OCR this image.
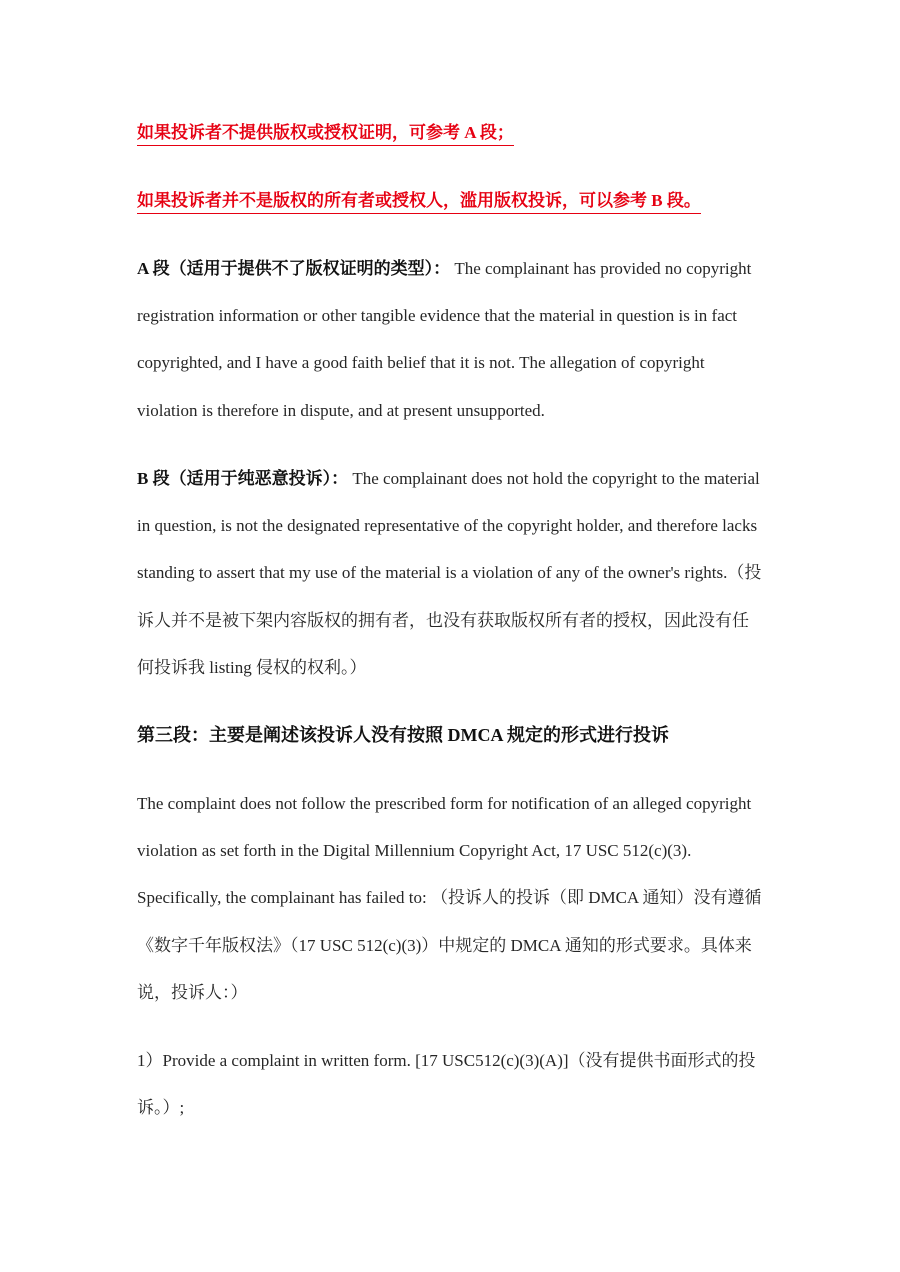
如果投诉者不提供版权或授权证明，可参考 A 段；

如果投诉者并不是版权的所有者或授权人，滥用版权投诉，可以参考 B 段。

A 段（适用于提供不了版权证明的类型）： The complainant has provided no copyright registration information or other tangible evidence that the material in question is in fact copyrighted, and I have a good faith belief that it is not. The allegation of copyright violation is therefore in dispute, and at present unsupported.

B 段（适用于纯恶意投诉）： The complainant does not hold the copyright to the material in question, is not the designated representative of the copyright holder, and therefore lacks standing to assert that my use of the material is a violation of any of the owner's rights.（投诉人并不是被下架内容版权的拥有者，也没有获取版权所有者的授权，因此没有任何投诉我 listing 侵权的权利。）

第三段：主要是阐述该投诉人没有按照 DMCA 规定的形式进行投诉

The complaint does not follow the prescribed form for notification of an alleged copyright violation as set forth in the Digital Millennium Copyright Act, 17 USC 512(c)(3). Specifically, the complainant has failed to: （投诉人的投诉（即 DMCA 通知）没有遵循《数字千年版权法》（17 USC 512(c)(3)）中规定的 DMCA 通知的形式要求。具体来说，投诉人：）

1）Provide a complaint in written form. [17 USC512(c)(3)(A)]（没有提供书面形式的投诉。）;
